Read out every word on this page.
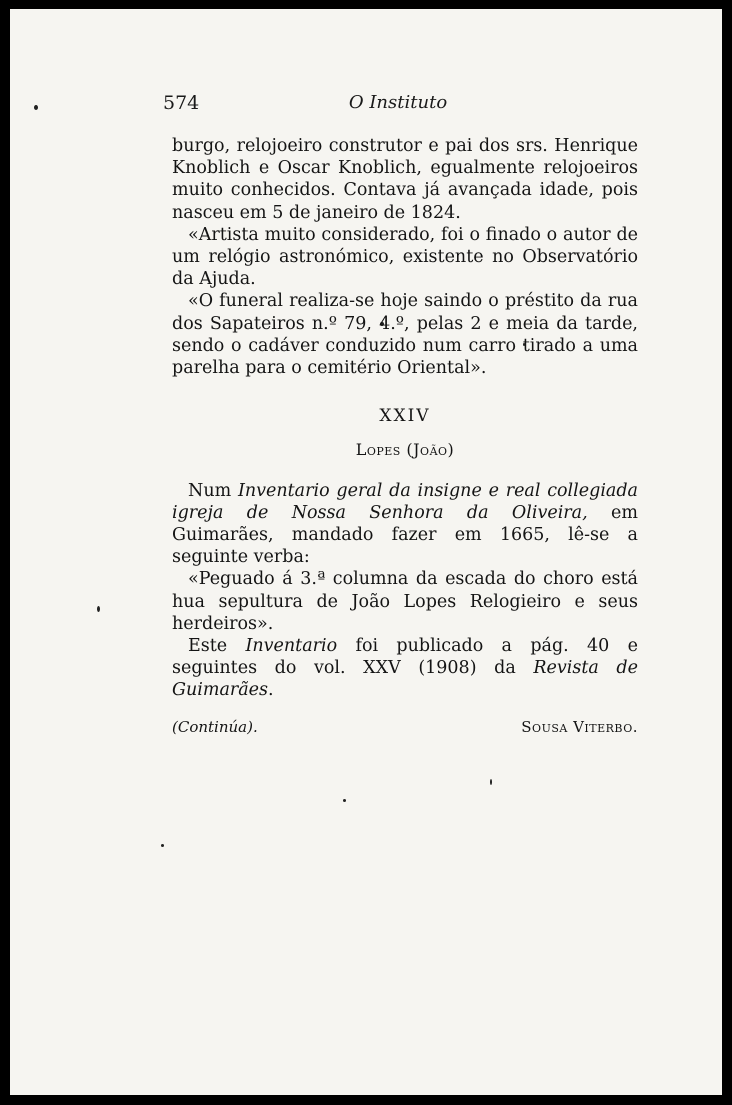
574	O Instituto

burgo, relojoeiro construtor e pai dos srs. Henrique Knoblich e Oscar Knoblich, egualmente relojoeiros muito conhecidos. Contava já avançada idade, pois nasceu em 5 de janeiro de 1824.

«Artista muito considerado, foi o finado o autor de um relógio astronómico, existente no Observatório da Ajuda.

«O funeral realiza-se hoje saindo o préstito da rua dos Sapateiros n.º 79, 4.º, pelas 2 e meia da tarde, sendo o cadáver conduzido num carro tirado a uma parelha para o cemitério Oriental».

XXIV
Lopes (João)

Num Inventario geral da insigne e real collegiada igreja de Nossa Senhora da Oliveira, em Guimarães, mandado fazer em 1665, lê-se a seguinte verba:

«Peguado á 3.ª columna da escada do choro está hua sepultura de João Lopes Relogieiro e seus herdeiros».

Este Inventario foi publicado a pág. 40 e seguintes do vol. XXV (1908) da Revista de Guimarães.

(Continúa).	Sousa Viterbo.
